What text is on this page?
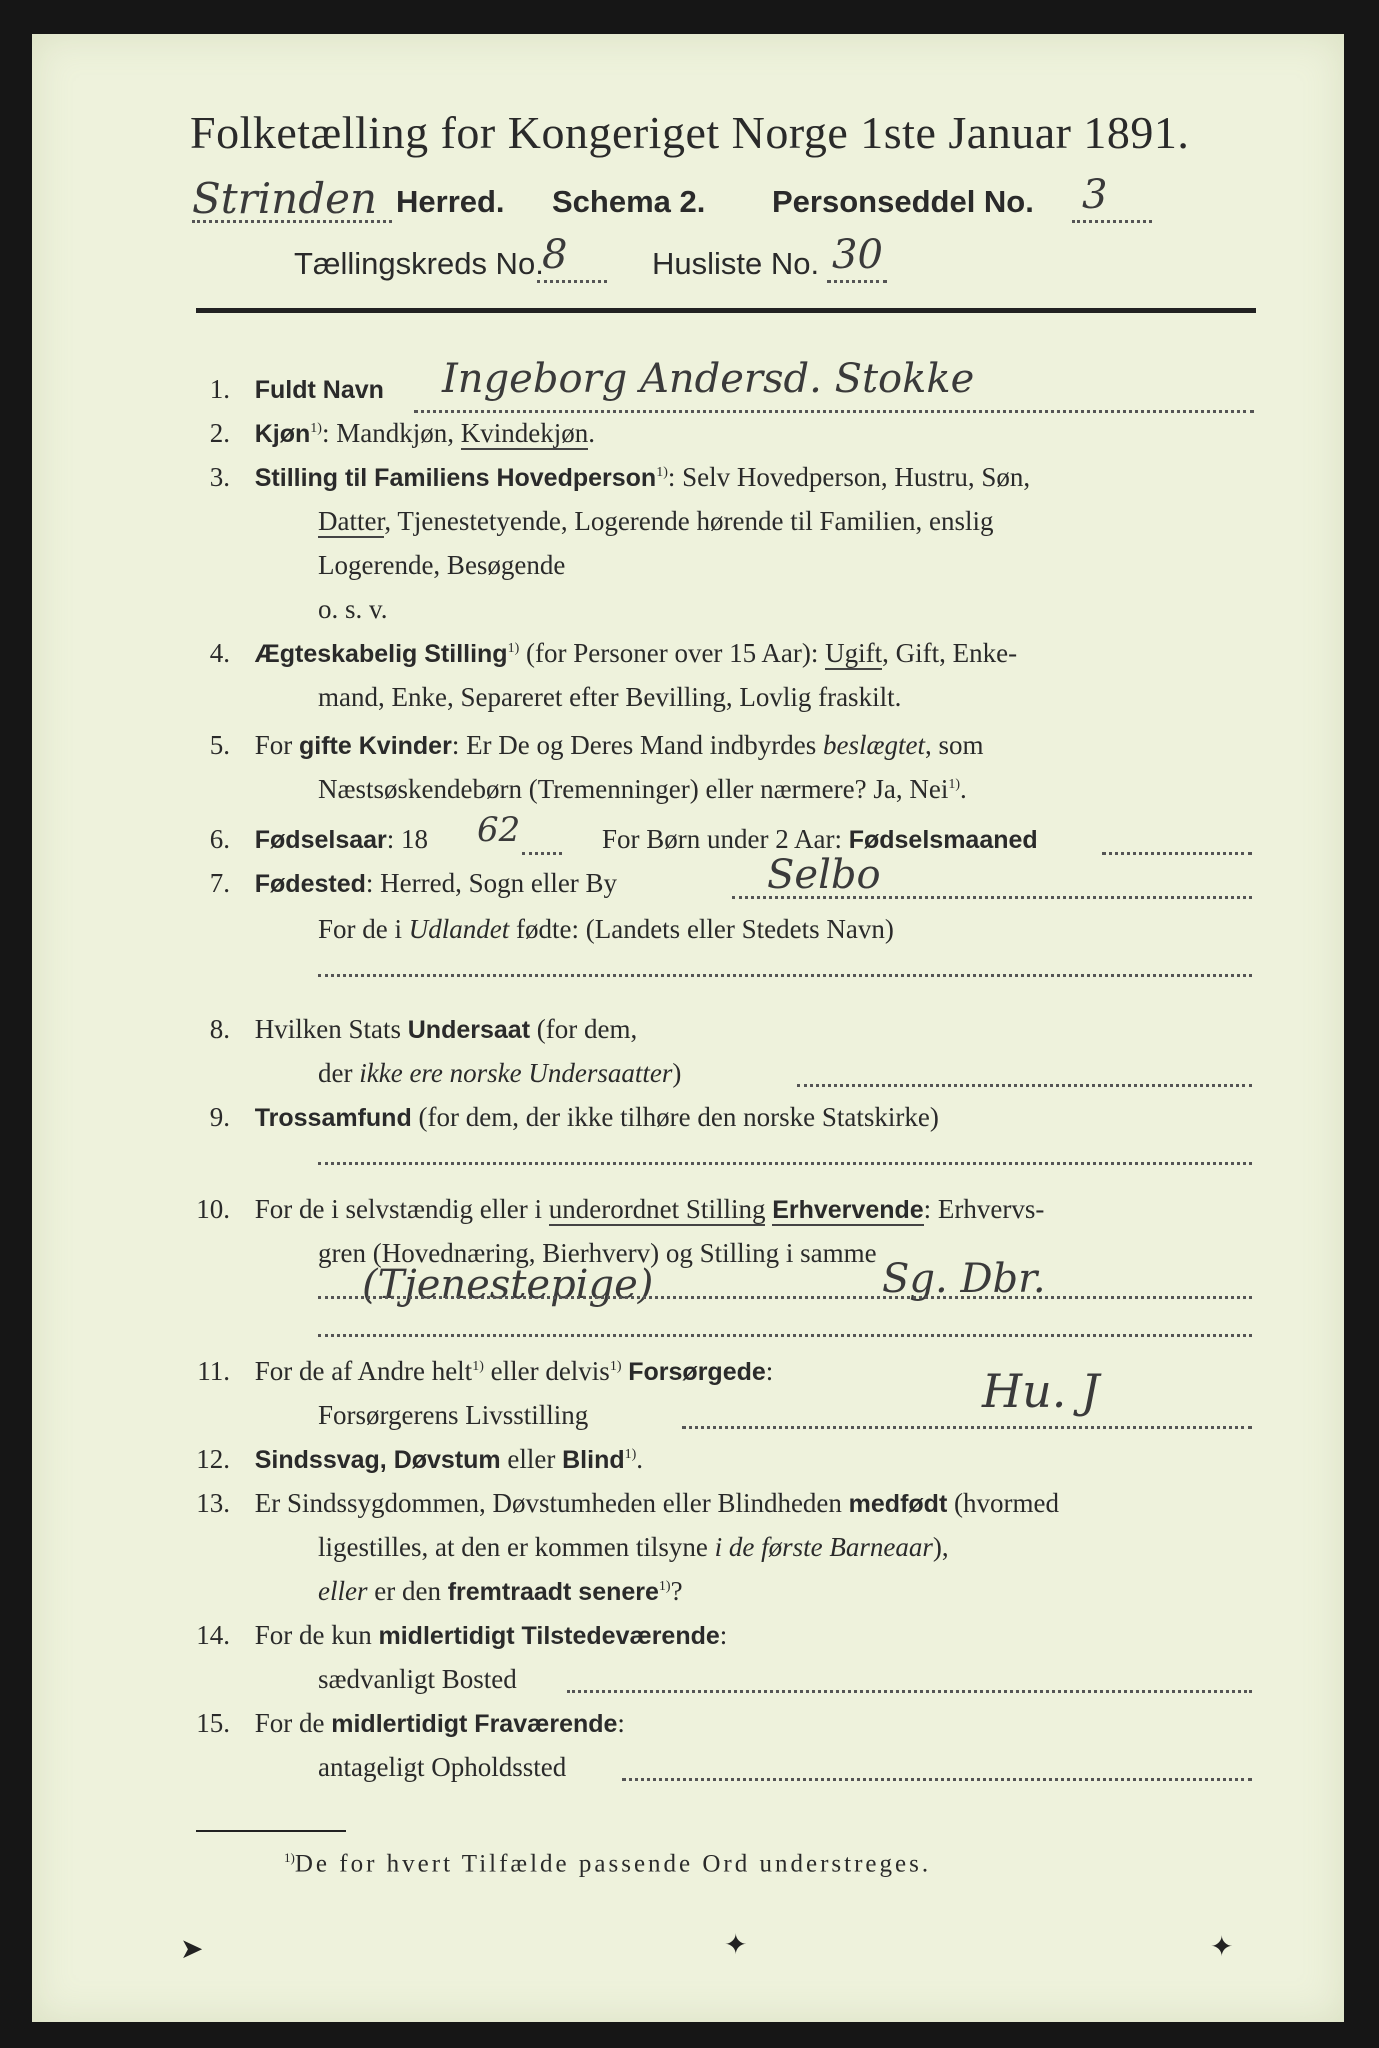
Folketælling for Kongeriget Norge 1ste Januar 1891.
Strinden Herred. Schema 2. Personseddel No. 3
Tællingskreds No.
8	Husliste No. 30
1. Fuldt Navn Ingeborg Andersd. Stokke
2. Kjøn$^{1)}$: Mandkjøn, Kvindekjøn.
3. Stilling til Familiens Hovedperson$^{1)}$: Selv Hovedperson, Hustru, Søn,
Datter, Tjenestetyende, Logerende hørende til Familien, enslig
Logerende, Besøgende
o. s. v.
4. Ægteskabelig Stilling$^{1)}$ (for Personer over 15 Aar): Ugift, Gift, Enke-
mand, Enke, Separeret efter Bevilling, Lovlig fraskilt.
5. For gifte Kvinder: Er De og Deres Mand indbyrdes beslægtet, som
Næstsøskendebørn (Tremenninger) eller nærmere? Ja, Nei$^{1)}$.
6. Fødselsaar: 18 62	For Børn under 2 Aar: Fødselsmaaned
7. Fødested: Herred, Sogn eller By	Selbo
For de i Udlandet fødte: (Landets eller Stedets Navn)
8. Hvilken Stats Undersaat (for dem,
der ikke ere norske Undersaatter)
9. Trossamfund (for dem, der ikke tilhøre den norske Statskirke)
10. For de i selvstændig eller i underordnet Stilling Erhvervende: Erhvervs-
gren (Hovednæring, Bierhverv) og Stilling i samme
(Tjenestepige)	Sg. Dbr.
11. For de af Andre helt$^{1)}$ eller delvis$^{1)}$ Forsørgede:
Forsørgerens Livsstilling	Hu. J
12. Sindssvag, Døvstum eller Blind$^{1)}$.
13. Er Sindssygdommen, Døvstumheden eller Blindheden medfødt (hvormed
ligestilles, at den er kommen tilsyne i de første Barneaar),
eller er den fremtraadt senere$^{1)}$?
14. For de kun midlertidigt Tilstedeværende:
sædvanligt Bosted
15. For de midlertidigt Fraværende:
antageligt Opholdssted
$^{1)}$De for hvert Tilfælde passende Ord understreges.
➤	✦	✦
